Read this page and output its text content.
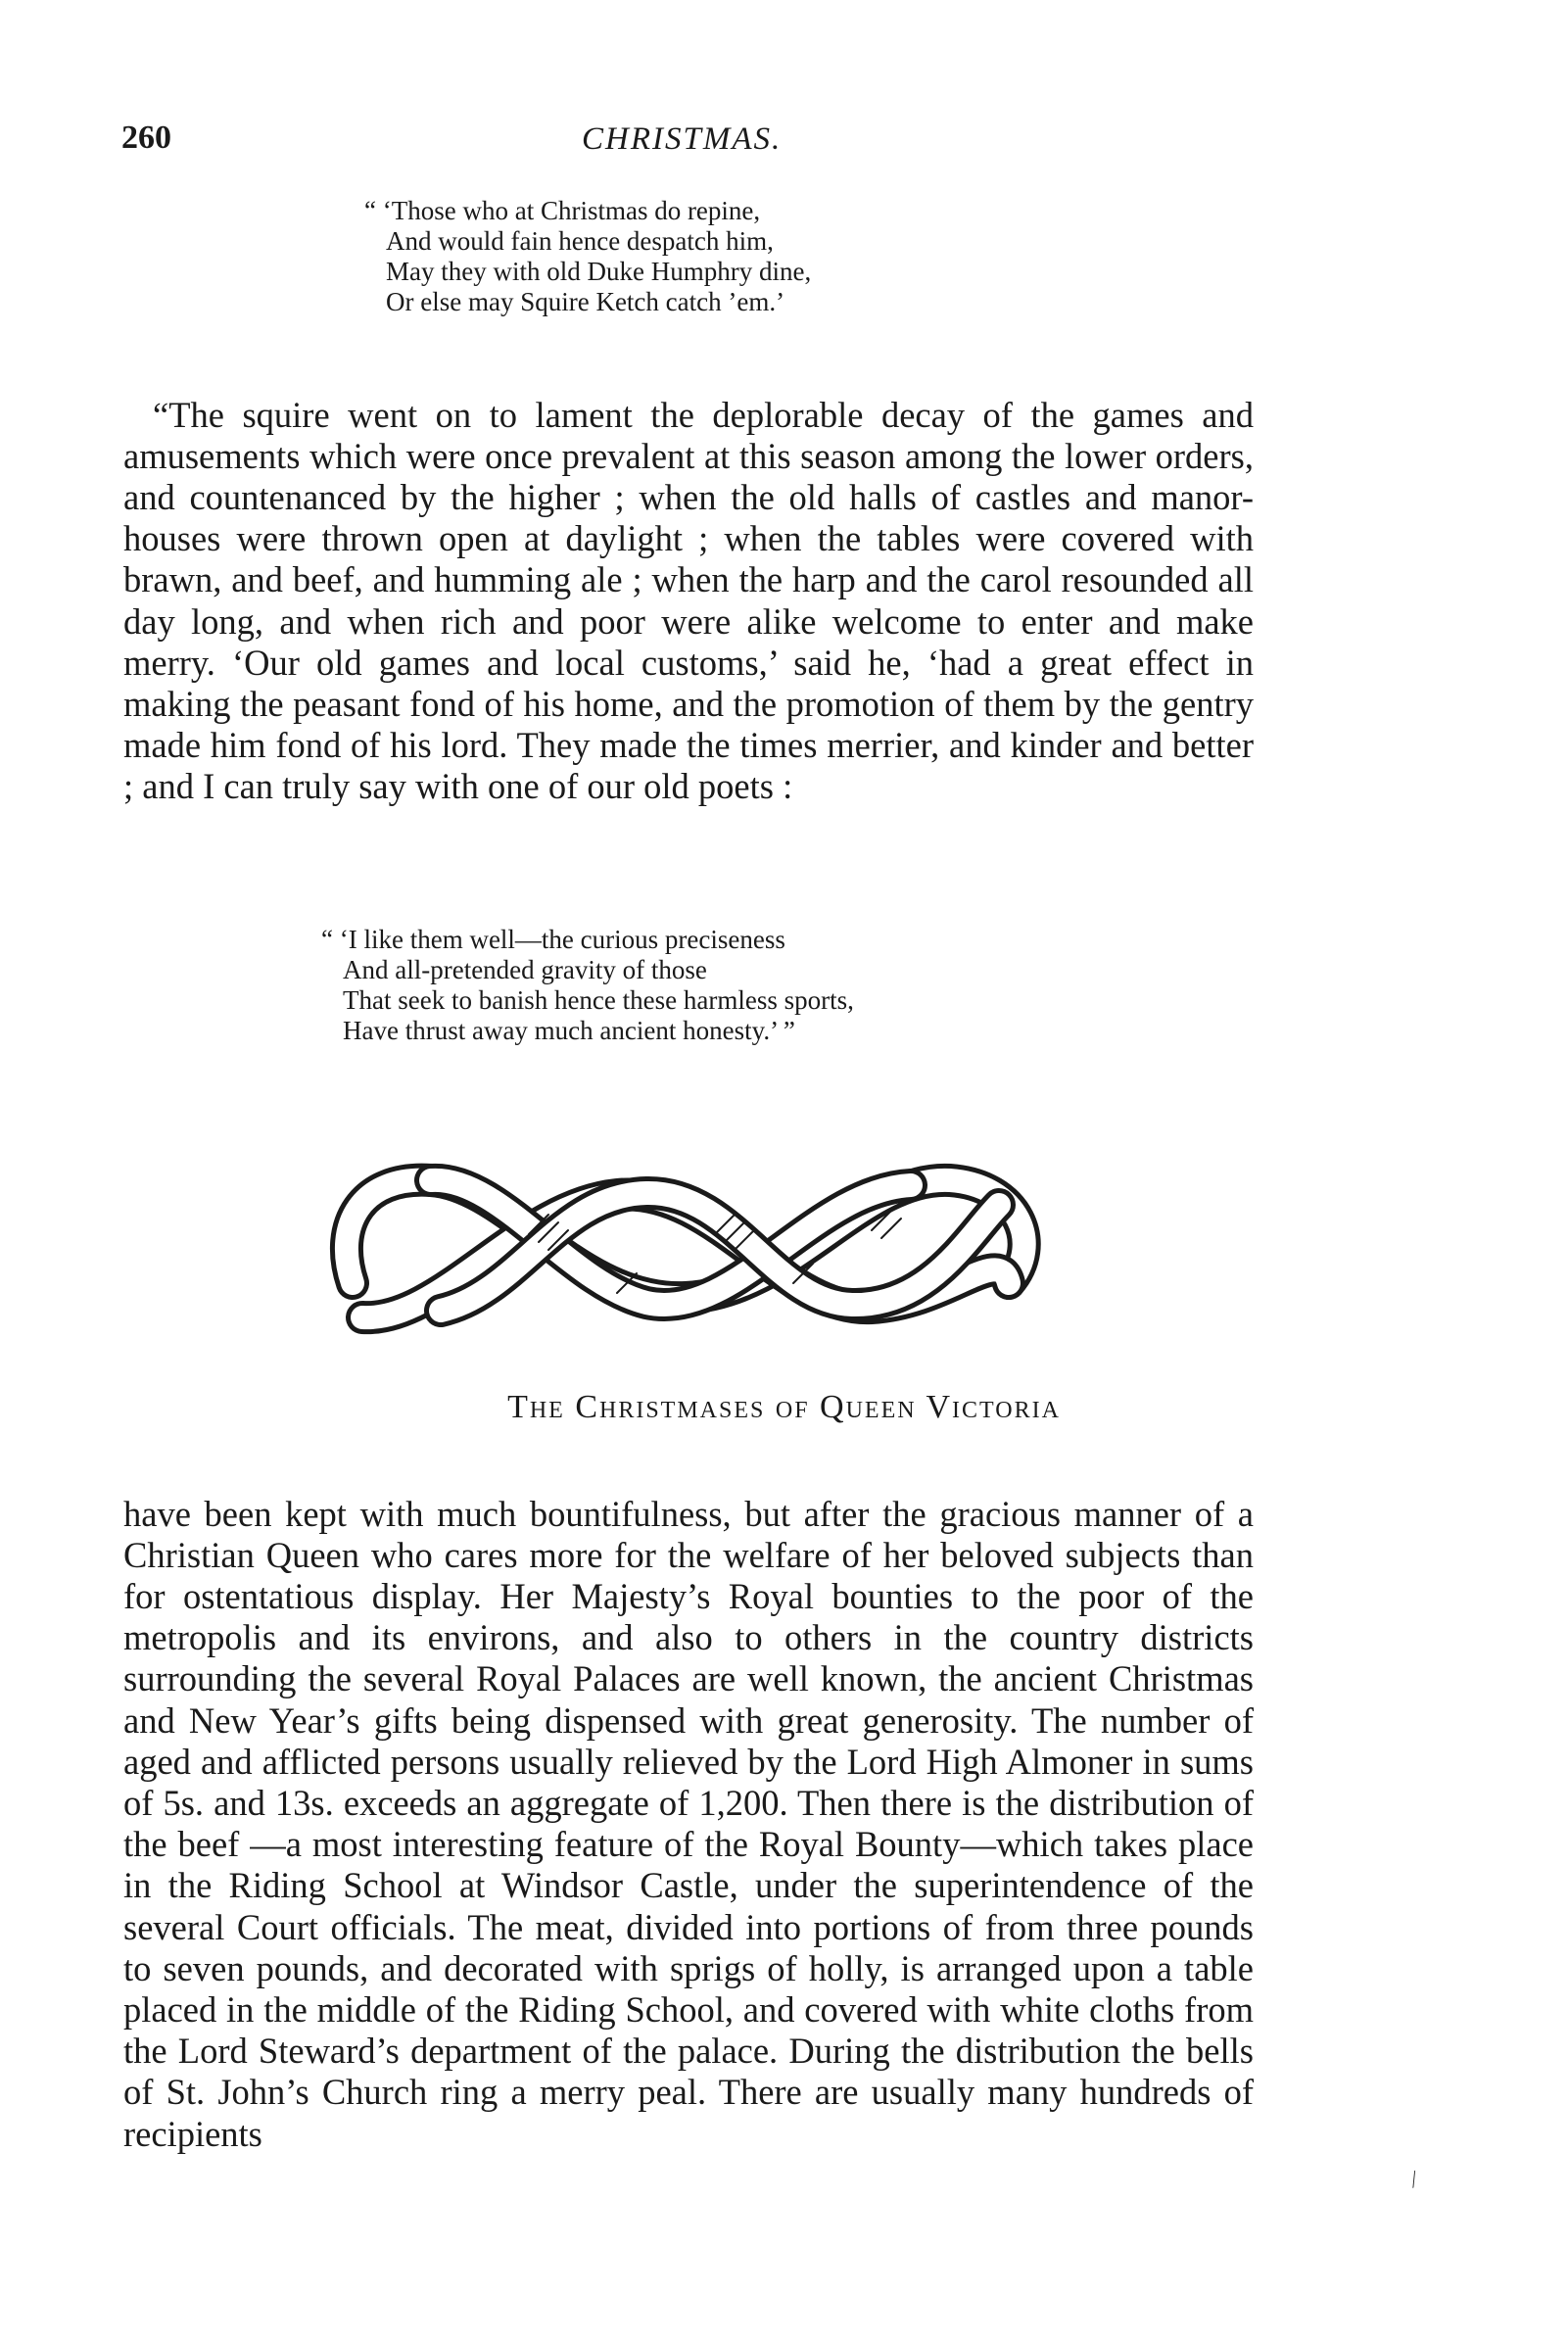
260	CHRISTMAS.
“ ‘Those who at Christmas do repine,
And would fain hence despatch him,
May they with old Duke Humphry dine,
Or else may Squire Ketch catch ’em.’

“The squire went on to lament the deplorable decay of the games and amusements which were once prevalent at this season among the lower orders, and countenanced by the higher ; when the old halls of castles and manor-houses were thrown open at daylight ; when the tables were covered with brawn, and beef, and humming ale ; when the harp and the carol resounded all day long, and when rich and poor were alike welcome to enter and make merry. ‘Our old games and local customs,’ said he, ‘had a great effect in making the peasant fond of his home, and the promotion of them by the gentry made him fond of his lord. They made the times merrier, and kinder and better ; and I can truly say with one of our old poets :

“ ‘I like them well—the curious preciseness
And all-pretended gravity of those
That seek to banish hence these harmless sports,
Have thrust away much ancient honesty.’ ”
The Christmases of Queen Victoria

have been kept with much bountifulness, but after the gracious manner of a Christian Queen who cares more for the welfare of her beloved subjects than for ostentatious display. Her Majesty’s Royal bounties to the poor of the metropolis and its environs, and also to others in the country districts surrounding the several Royal Palaces are well known, the ancient Christmas and New Year’s gifts being dispensed with great generosity. The number of aged and afflicted persons usually relieved by the Lord High Almoner in sums of 5s. and 13s. exceeds an aggregate of 1,200. Then there is the distribution of the beef —a most interesting feature of the Royal Bounty—which takes place in the Riding School at Windsor Castle, under the superintendence of the several Court officials. The meat, divided into portions of from three pounds to seven pounds, and decorated with sprigs of holly, is arranged upon a table placed in the middle of the Riding School, and covered with white cloths from the Lord Steward’s department of the palace. During the distribution the bells of St. John’s Church ring a merry peal. There are usually many hundreds of recipients

⁄
